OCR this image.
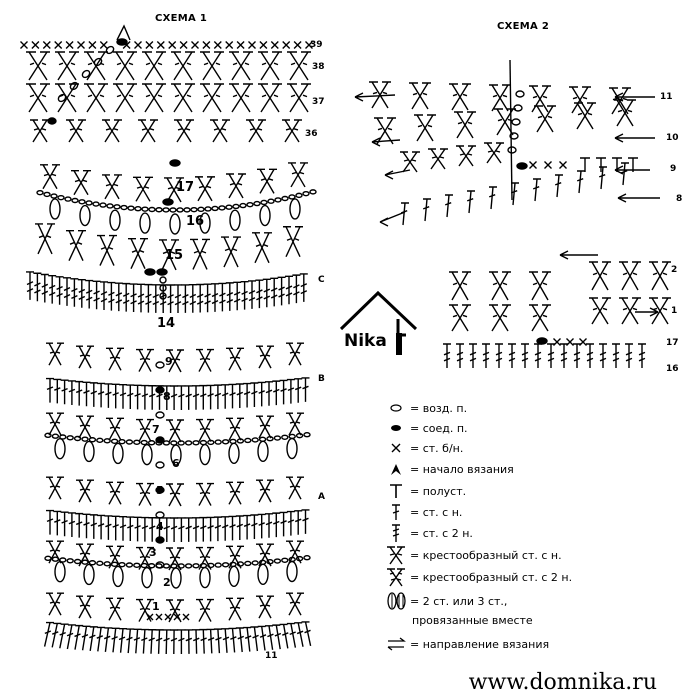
СХЕМА 1
СХЕМА 2
39
38
37
36
17
16
15
14
9
8
7
6
5
4
3
2
1
11
С
В
А
11
10
9
8
2
1
17
16
Nika
= возд. п.
= соед. п.
= ст. б/н.
= начало вязания
= полуст.
= ст. с н.
= ст. с 2 н.
= крестообразный ст. с н.
= крестообразный ст. с 2 н.
= 2 ст. или 3 ст.,
провязанные вместе
= направление вязания
www.domnika.ru
